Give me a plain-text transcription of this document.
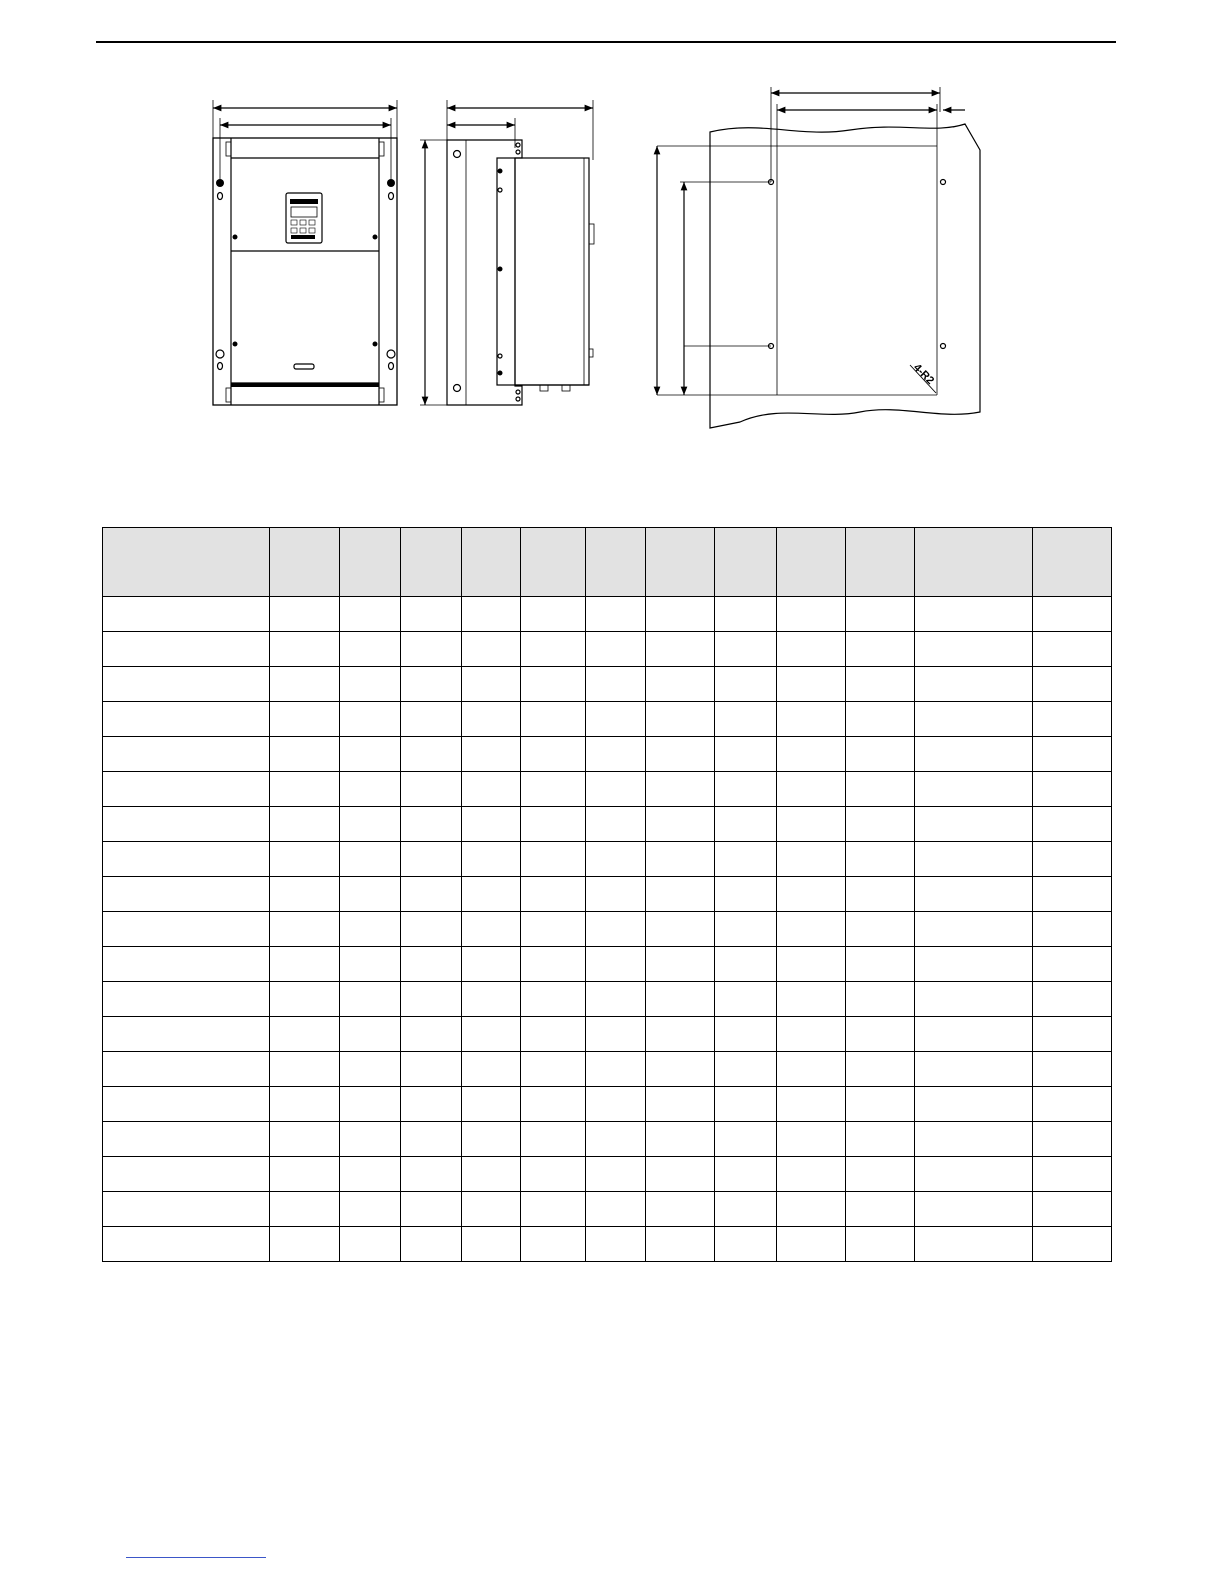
4-R2
